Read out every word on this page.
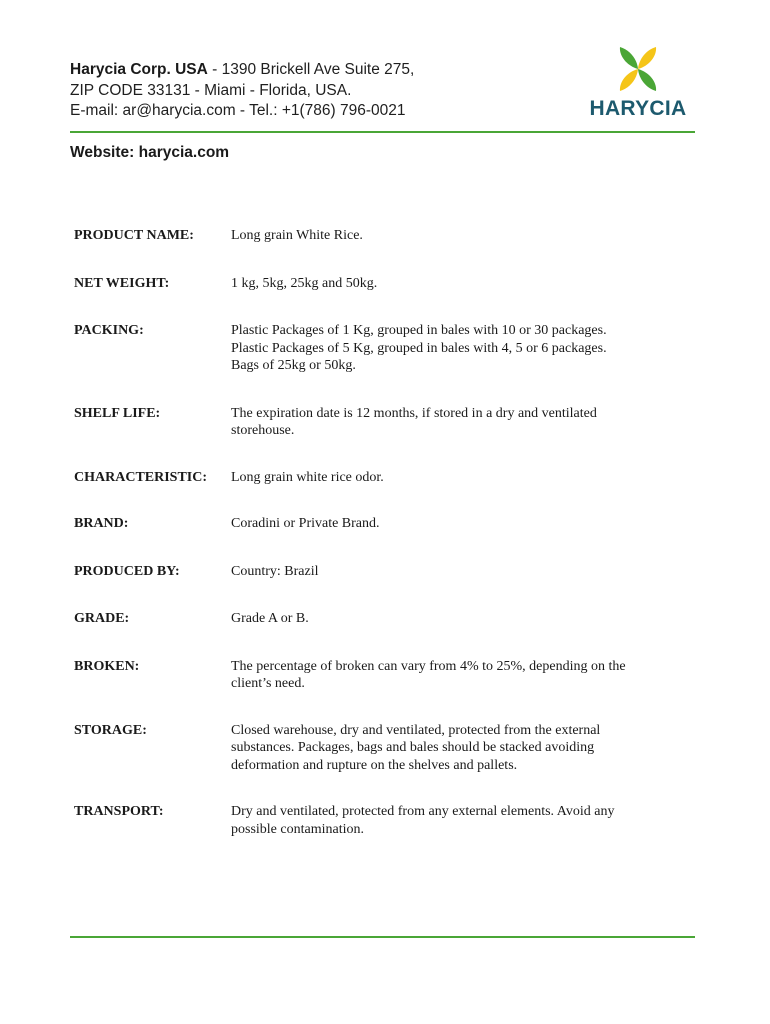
Harycia Corp. USA - 1390 Brickell Ave Suite 275,
ZIP CODE 33131 - Miami - Florida, USA.
E-mail: ar@harycia.com - Tel.: +1(786) 796-0021	HARYCIA
Website: harycia.com
PRODUCT NAME:	Long grain White Rice.
NET WEIGHT:	1 kg, 5kg, 25kg and 50kg.
PACKING:	Plastic Packages of 1 Kg, grouped in bales with 10 or 30 packages.
Plastic Packages of 5 Kg, grouped in bales with 4, 5 or 6 packages.
Bags of 25kg or 50kg.
SHELF LIFE:	The expiration date is 12 months, if stored in a dry and ventilated
storehouse.
CHARACTERISTIC:	Long grain white rice odor.
BRAND:	Coradini or Private Brand.
PRODUCED BY:	Country: Brazil
GRADE:	Grade A or B.
BROKEN:	The percentage of broken can vary from 4% to 25%, depending on the
client’s need.
STORAGE:	Closed warehouse, dry and ventilated, protected from the external
substances. Packages, bags and bales should be stacked avoiding
deformation and rupture on the shelves and pallets.
TRANSPORT:	Dry and ventilated, protected from any external elements. Avoid any
possible contamination.
